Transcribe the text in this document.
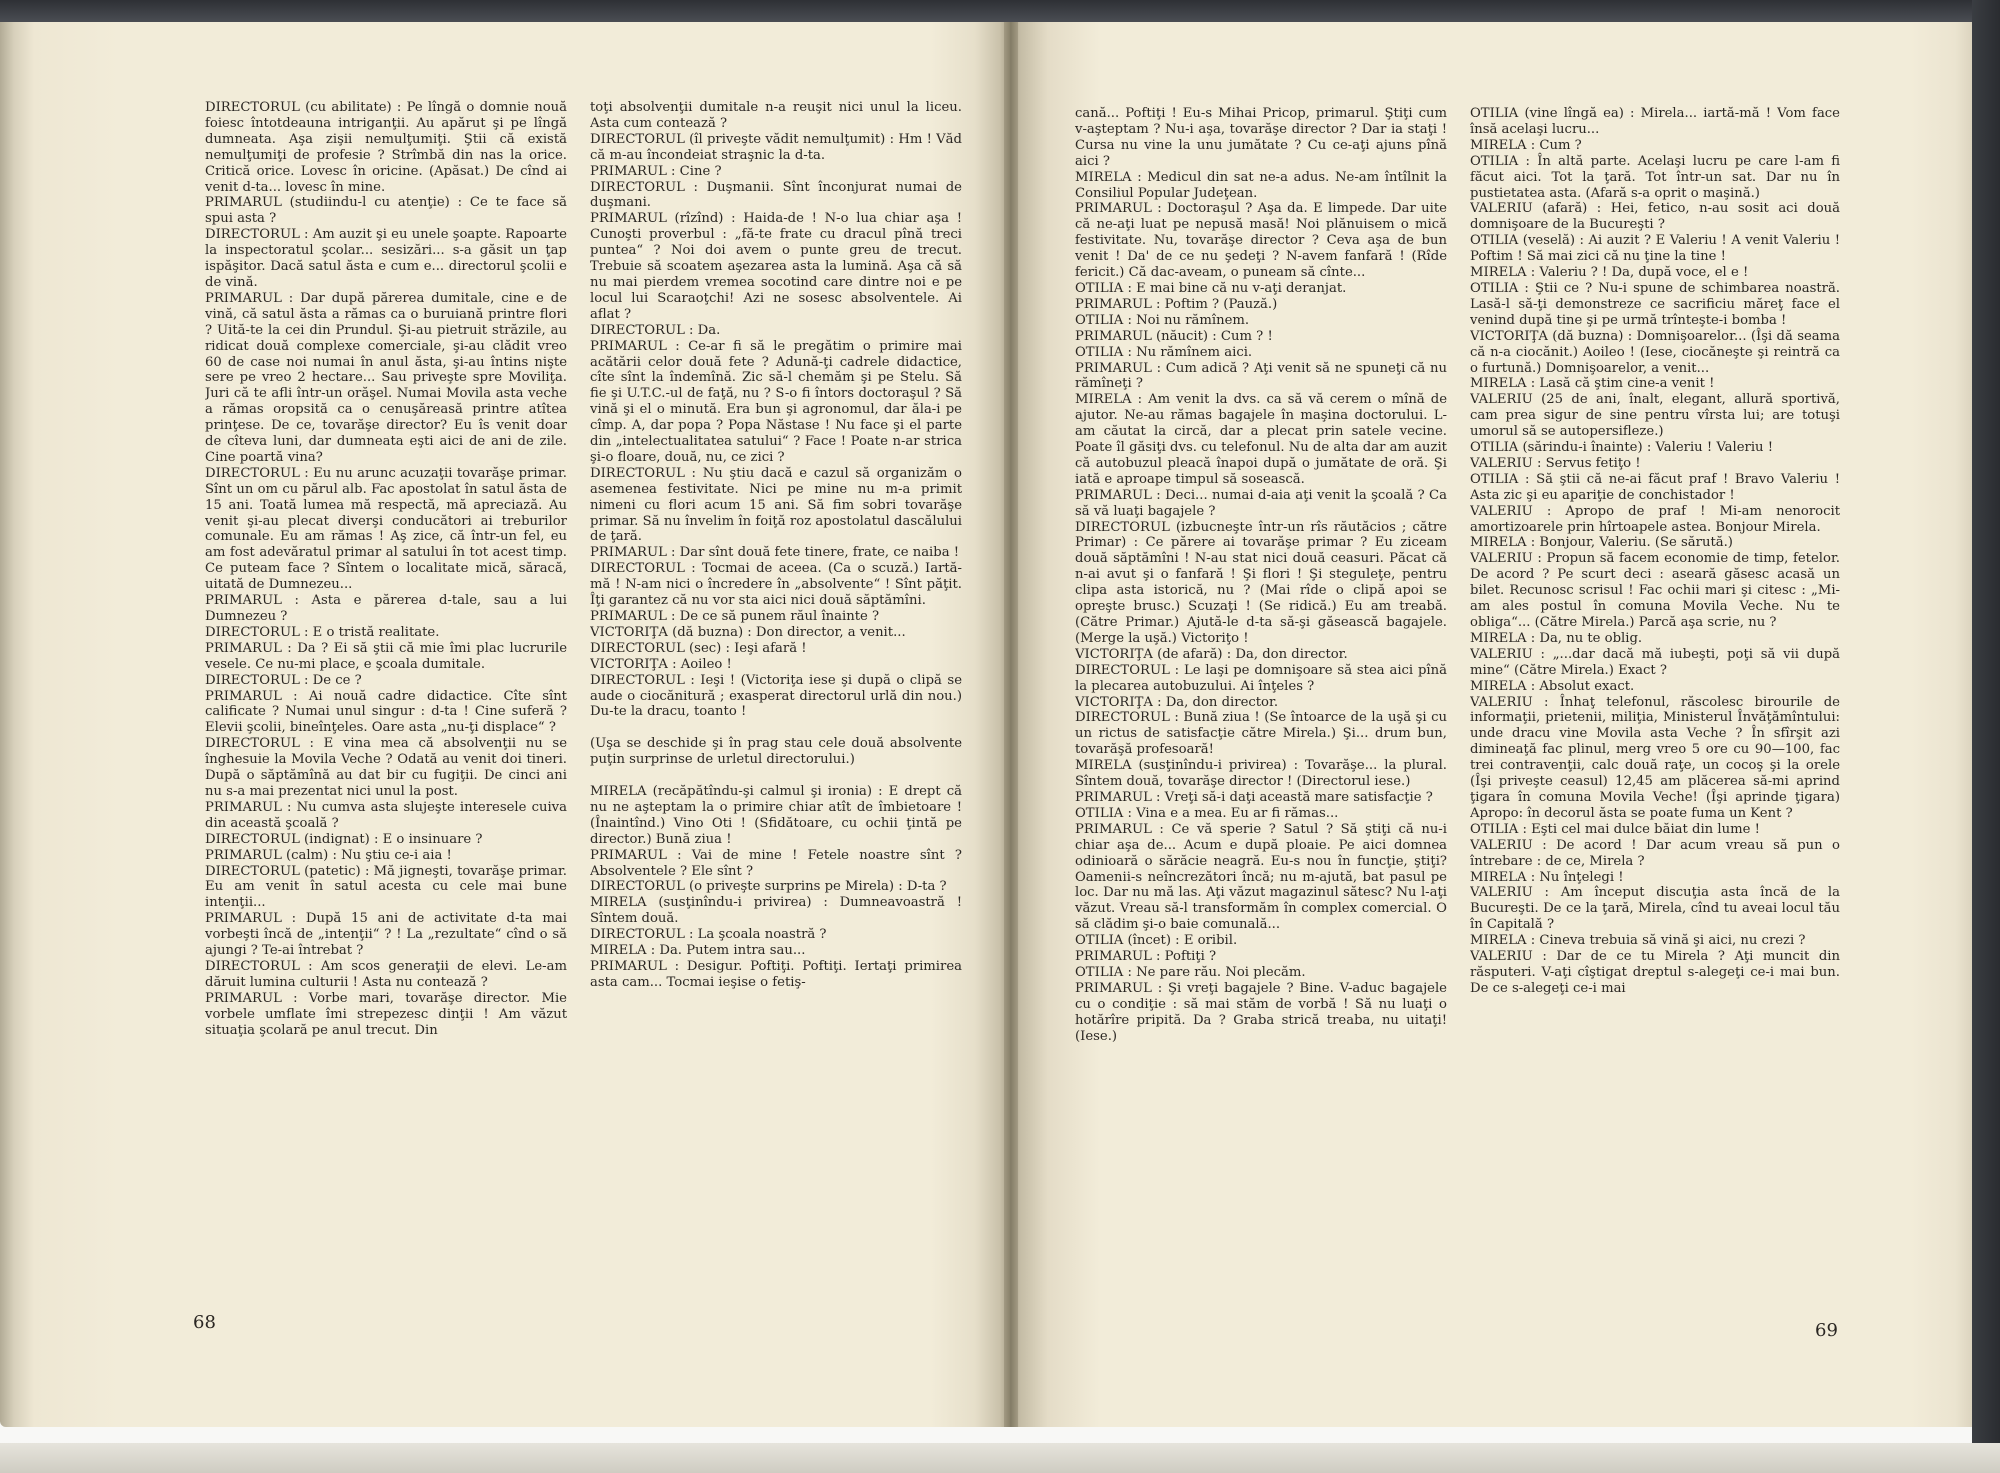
DIRECTORUL (cu abilitate) : Pe lîngă o domnie nouă foiesc întotdeauna intriganţii. Au apărut şi pe lîngă dumneata. Aşa zişii nemulţumiţi. Ştii că există nemulţumiţi de profesie ? Strîmbă din nas la orice. Critică orice. Lovesc în oricine. (Apăsat.) De cînd ai venit d-ta... lovesc în mine.
PRIMARUL (studiindu-l cu atenţie) : Ce te face să spui asta ?
DIRECTORUL : Am auzit şi eu unele şoapte. Rapoarte la inspectoratul şcolar... sesizări... s-a găsit un ţap ispăşitor. Dacă satul ăsta e cum e... directorul şcolii e de vină.
PRIMARUL : Dar după părerea dumitale, cine e de vină, că satul ăsta a rămas ca o buruiană printre flori ? Uită-te la cei din Prundul. Şi-au pietruit străzile, au ridicat două complexe comerciale, şi-au clădit vreo 60 de case noi numai în anul ăsta, şi-au întins nişte sere pe vreo 2 hectare... Sau priveşte spre Moviliţa. Juri că te afli într-un orăşel. Numai Movila asta veche a rămas oropsită ca o cenuşăreasă printre atîtea prinţese. De ce, tovarăşe director? Eu îs venit doar de cîteva luni, dar dumneata eşti aici de ani de zile. Cine poartă vina?
DIRECTORUL : Eu nu arunc acuzaţii tovarăşe primar. Sînt un om cu părul alb. Fac apostolat în satul ăsta de 15 ani. Toată lumea mă respectă, mă apreciază. Au venit şi-au plecat diverşi conducători ai treburilor comunale. Eu am rămas ! Aş zice, că într-un fel, eu am fost adevăratul primar al satului în tot acest timp. Ce puteam face ? Sîntem o localitate mică, săracă, uitată de Dumnezeu...
PRIMARUL : Asta e părerea d-tale, sau a lui Dumnezeu ?
DIRECTORUL : E o tristă realitate.
PRIMARUL : Da ? Ei să ştii că mie îmi plac lucrurile vesele. Ce nu-mi place, e şcoala dumitale.
DIRECTORUL : De ce ?
PRIMARUL : Ai nouă cadre didactice. Cîte sînt calificate ? Numai unul singur : d-ta ! Cine suferă ? Elevii şcolii, bineînţeles. Oare asta „nu-ţi displace“ ?
DIRECTORUL : E vina mea că absolvenţii nu se înghesuie la Movila Veche ? Odată au venit doi tineri. După o săptămînă au dat bir cu fugiţii. De cinci ani nu s-a mai prezentat nici unul la post.
PRIMARUL : Nu cumva asta slujeşte interesele cuiva din această şcoală ?
DIRECTORUL (indignat) : E o insinuare ?
PRIMARUL (calm) : Nu ştiu ce-i aia !
DIRECTORUL (patetic) : Mă jigneşti, tovarăşe primar. Eu am venit în satul acesta cu cele mai bune intenţii...
PRIMARUL : După 15 ani de activitate d-ta mai vorbeşti încă de „intenţii“ ? ! La „rezultate“ cînd o să ajungi ? Te-ai întrebat ?
DIRECTORUL : Am scos generaţii de elevi. Le-am dăruit lumina culturii ! Asta nu contează ?
PRIMARUL : Vorbe mari, tovarăşe director. Mie vorbele umflate îmi strepezesc dinţii ! Am văzut situaţia şcolară pe anul trecut. Din
toţi absolvenţii dumitale n-a reuşit nici unul la liceu. Asta cum contează ?
DIRECTORUL (îl priveşte vădit nemulţumit) : Hm ! Văd că m-au încondeiat straşnic la d-ta.
PRIMARUL : Cine ?
DIRECTORUL : Duşmanii. Sînt înconjurat numai de duşmani.
PRIMARUL (rîzînd) : Haida-de ! N-o lua chiar aşa ! Cunoşti proverbul : „fă-te frate cu dracul pînă treci puntea“ ? Noi doi avem o punte greu de trecut. Trebuie să scoatem aşezarea asta la lumină. Aşa că să nu mai pierdem vremea socotind care dintre noi e pe locul lui Scaraoţchi! Azi ne sosesc absolventele. Ai aflat ?
DIRECTORUL : Da.
PRIMARUL : Ce-ar fi să le pregătim o primire mai acătării celor două fete ? Adună-ţi cadrele didactice, cîte sînt la îndemînă. Zic să-l chemăm şi pe Stelu. Să fie şi U.T.C.-ul de faţă, nu ? S-o fi întors doctoraşul ? Să vină şi el o minută. Era bun şi agronomul, dar ăla-i pe cîmp. A, dar popa ? Popa Năstase ! Nu face şi el parte din „intelectualitatea satului“ ? Face ! Poate n-ar strica şi-o floare, două, nu, ce zici ?
DIRECTORUL : Nu ştiu dacă e cazul să organizăm o asemenea festivitate. Nici pe mine nu m-a primit nimeni cu flori acum 15 ani. Să fim sobri tovarăşe primar. Să nu învelim în foiţă roz apostolatul dascălului de ţară.
PRIMARUL : Dar sînt două fete tinere, frate, ce naiba !
DIRECTORUL : Tocmai de aceea. (Ca o scuză.) Iartă-mă ! N-am nici o încredere în „absolvente“ ! Sînt păţit. Îţi garantez că nu vor sta aici nici două săptămîni.
PRIMARUL : De ce să punem răul înainte ?
VICTORIŢA (dă buzna) : Don director, a venit...
DIRECTORUL (sec) : Ieşi afară !
VICTORIŢA : Aoileo !
DIRECTORUL : Ieşi ! (Victoriţa iese şi după o clipă se aude o ciocănitură ; exasperat directorul urlă din nou.) Du-te la dracu, toanto !

(Uşa se deschide şi în prag stau cele două absolvente puţin surprinse de urletul directorului.)

MIRELA (recăpătîndu-şi calmul şi ironia) : E drept că nu ne aşteptam la o primire chiar atît de îmbietoare ! (Înaintînd.) Vino Oti ! (Sfidătoare, cu ochii ţintă pe director.) Bună ziua !
PRIMARUL : Vai de mine ! Fetele noastre sînt ? Absolventele ? Ele sînt ?
DIRECTORUL (o priveşte surprins pe Mirela) : D-ta ?
MIRELA (susţinîndu-i privirea) : Dumneavoastră ! Sîntem două.
DIRECTORUL : La şcoala noastră ?
MIRELA : Da. Putem intra sau...
PRIMARUL : Desigur. Poftiţi. Poftiţi. Iertaţi primirea asta cam... Tocmai ieşise o fetiş-
cană... Poftiţi ! Eu-s Mihai Pricop, primarul. Ştiţi cum v-aşteptam ? Nu-i aşa, tovarăşe director ? Dar ia staţi ! Cursa nu vine la unu jumătate ? Cu ce-aţi ajuns pînă aici ?
MIRELA : Medicul din sat ne-a adus. Ne-am întîlnit la Consiliul Popular Judeţean.
PRIMARUL : Doctoraşul ? Aşa da. E limpede. Dar uite că ne-aţi luat pe nepusă masă! Noi plănuisem o mică festivitate. Nu, tovarăşe director ? Ceva aşa de bun venit ! Da' de ce nu şedeţi ? N-avem fanfară ! (Rîde fericit.) Că dac-aveam, o puneam să cînte...
OTILIA : E mai bine că nu v-aţi deranjat.
PRIMARUL : Poftim ? (Pauză.)
OTILIA : Noi nu rămînem.
PRIMARUL (năucit) : Cum ? !
OTILIA : Nu rămînem aici.
PRIMARUL : Cum adică ? Aţi venit să ne spuneţi că nu rămîneţi ?
MIRELA : Am venit la dvs. ca să vă cerem o mînă de ajutor. Ne-au rămas bagajele în maşina doctorului. L-am căutat la circă, dar a plecat prin satele vecine. Poate îl găsiţi dvs. cu telefonul. Nu de alta dar am auzit că autobuzul pleacă înapoi după o jumătate de oră. Şi iată e aproape timpul să sosească.
PRIMARUL : Deci... numai d-aia aţi venit la şcoală ? Ca să vă luaţi bagajele ?
DIRECTORUL (izbucneşte într-un rîs răutăcios ; către Primar) : Ce părere ai tovarăşe primar ? Eu ziceam două săptămîni ! N-au stat nici două ceasuri. Păcat că n-ai avut şi o fanfară ! Şi flori ! Şi steguleţe, pentru clipa asta istorică, nu ? (Mai rîde o clipă apoi se opreşte brusc.) Scuzaţi ! (Se ridică.) Eu am treabă. (Către Primar.) Ajută-le d-ta să-şi găsească bagajele. (Merge la uşă.) Victoriţo !
VICTORIŢA (de afară) : Da, don director.
DIRECTORUL : Le laşi pe domnişoare să stea aici pînă la plecarea autobuzului. Ai înţeles ?
VICTORIŢA : Da, don director.
DIRECTORUL : Bună ziua ! (Se întoarce de la uşă şi cu un rictus de satisfacţie către Mirela.) Şi... drum bun, tovarăşă profesoară!
MIRELA (susţinîndu-i privirea) : Tovarăşe... la plural. Sîntem două, tovarăşe director ! (Directorul iese.)
PRIMARUL : Vreţi să-i daţi această mare satisfacţie ?
OTILIA : Vina e a mea. Eu ar fi rămas...
PRIMARUL : Ce vă sperie ? Satul ? Să ştiţi că nu-i chiar aşa de... Acum e după ploaie. Pe aici domnea odinioară o sărăcie neagră. Eu-s nou în funcţie, ştiţi? Oamenii-s neîncrezători încă; nu m-ajută, bat pasul pe loc. Dar nu mă las. Aţi văzut magazinul sătesc? Nu l-aţi văzut. Vreau să-l transformăm în complex comercial. O să clădim şi-o baie comunală...
OTILIA (încet) : E oribil.
PRIMARUL : Poftiţi ?
OTILIA : Ne pare rău. Noi plecăm.
PRIMARUL : Şi vreţi bagajele ? Bine. V-aduc bagajele cu o condiţie : să mai stăm de vorbă ! Să nu luaţi o hotărîre pripită. Da ? Graba strică treaba, nu uitaţi! (Iese.)
OTILIA (vine lîngă ea) : Mirela... iartă-mă ! Vom face însă acelaşi lucru...
MIRELA : Cum ?
OTILIA : În altă parte. Acelaşi lucru pe care l-am fi făcut aici. Tot la ţară. Tot într-un sat. Dar nu în pustietatea asta. (Afară s-a oprit o maşină.)
VALERIU (afară) : Hei, fetico, n-au sosit aci două domnişoare de la Bucureşti ?
OTILIA (veselă) : Ai auzit ? E Valeriu ! A venit Valeriu ! Poftim ! Să mai zici că nu ţine la tine !
MIRELA : Valeriu ? ! Da, după voce, el e !
OTILIA : Ştii ce ? Nu-i spune de schimbarea noastră. Lasă-l să-ţi demonstreze ce sacrificiu măreţ face el venind după tine şi pe urmă trînteşte-i bomba !
VICTORIŢA (dă buzna) : Domnişoarelor... (Îşi dă seama că n-a ciocănit.) Aoileo ! (Iese, ciocăneşte şi reintră ca o furtună.) Domnişoarelor, a venit...
MIRELA : Lasă că ştim cine-a venit !
VALERIU (25 de ani, înalt, elegant, allură sportivă, cam prea sigur de sine pentru vîrsta lui; are totuşi umorul să se autopersifleze.)
OTILIA (sărindu-i înainte) : Valeriu ! Valeriu !
VALERIU : Servus fetiţo !
OTILIA : Să ştii că ne-ai făcut praf ! Bravo Valeriu ! Asta zic şi eu apariţie de conchistador !
VALERIU : Apropo de praf ! Mi-am nenorocit amortizoarele prin hîrtoapele astea. Bonjour Mirela.
MIRELA : Bonjour, Valeriu. (Se sărută.)
VALERIU : Propun să facem economie de timp, fetelor. De acord ? Pe scurt deci : aseară găsesc acasă un bilet. Recunosc scrisul ! Fac ochii mari şi citesc : „Mi-am ales postul în comuna Movila Veche. Nu te obliga“... (Către Mirela.) Parcă aşa scrie, nu ?
MIRELA : Da, nu te oblig.
VALERIU : „...dar dacă mă iubeşti, poţi să vii după mine“ (Către Mirela.) Exact ?
MIRELA : Absolut exact.
VALERIU : Înhaţ telefonul, răscolesc birourile de informaţii, prietenii, miliţia, Ministerul Învăţămîntului: unde dracu vine Movila asta Veche ? În sfîrşit azi dimineaţă fac plinul, merg vreo 5 ore cu 90—100, fac trei contravenţii, calc două raţe, un cocoş şi la orele (Îşi priveşte ceasul) 12,45 am plăcerea să-mi aprind ţigara în comuna Movila Veche! (Îşi aprinde ţigara) Apropo: în decorul ăsta se poate fuma un Kent ?
OTILIA : Eşti cel mai dulce băiat din lume !
VALERIU : De acord ! Dar acum vreau să pun o întrebare : de ce, Mirela ?
MIRELA : Nu înţelegi !
VALERIU : Am început discuţia asta încă de la Bucureşti. De ce la ţară, Mirela, cînd tu aveai locul tău în Capitală ?
MIRELA : Cineva trebuia să vină şi aici, nu crezi ?
VALERIU : Dar de ce tu Mirela ? Aţi muncit din răsputeri. V-aţi cîştigat dreptul s-alegeţi ce-i mai bun. De ce s-alegeţi ce-i mai
68	69
